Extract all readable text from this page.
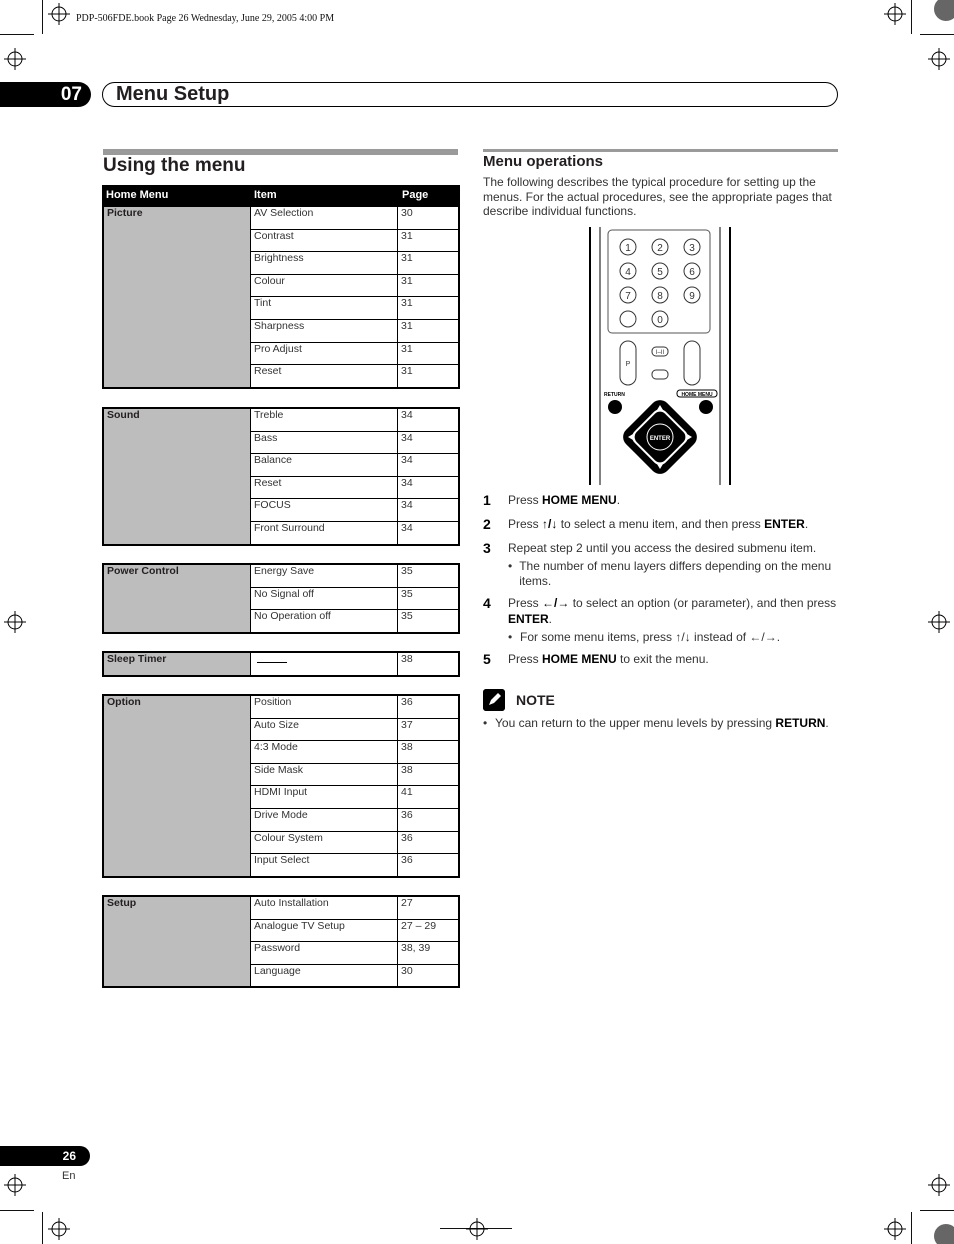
PDP-506FDE.book Page 26 Wednesday, June 29, 2005 4:00 PM
07	Menu Setup
Using the menu
Home Menu	Item	Page
Picture	AV Selection	30
	Contrast	31
	Brightness	31
	Colour	31
	Tint	31
	Sharpness	31
	Pro Adjust	31
	Reset	31
Sound	Treble	34
	Bass	34
	Balance	34
	Reset	34
	FOCUS	34
	Front Surround	34
Power Control	Energy Save	35
	No Signal off	35
	No Operation off	35
Sleep Timer		38
Option	Position	36
	Auto Size	37
	4:3 Mode	38
	Side Mask	38
	HDMI Input	41
	Drive Mode	36
	Colour System	36
	Input Select	36
Setup	Auto Installation	27
	Analogue TV Setup	27 – 29
	Password	38, 39
	Language	30
Menu operations
The following describes the typical procedure for setting up the menus. For the actual procedures, see the appropriate pages that describe individual functions.
1	2	3
4	5	6
7	8	9
0
P
I–II
RETURN	HOME MENU
ENTER
1	Press HOME MENU.
2	Press ↑/↓ to select a menu item, and then press ENTER.
3	Repeat step 2 until you access the desired submenu item.
• The number of menu layers differs depending on the menu items.
4	Press ←/→ to select an option (or parameter), and then press ENTER.
• For some menu items, press ↑/↓ instead of ←/→.
5	Press HOME MENU to exit the menu.
NOTE
• You can return to the upper menu levels by pressing RETURN.
26
En
